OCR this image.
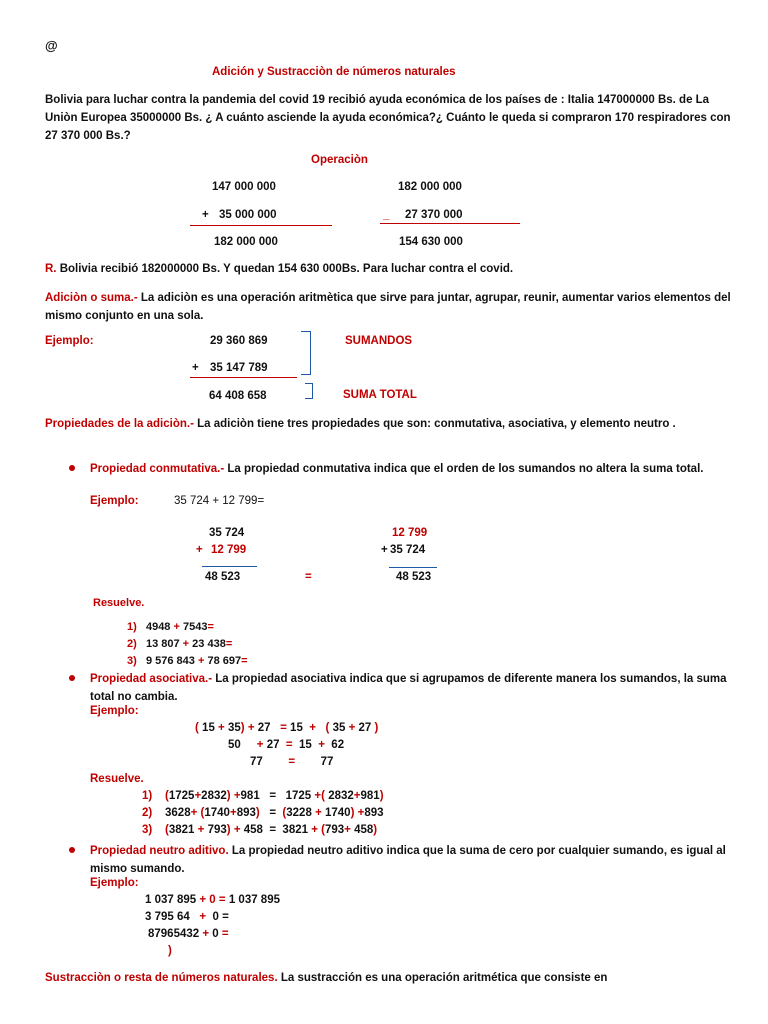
@
Adición y Sustracciòn de números naturales
Bolivia para luchar contra la pandemia del covid 19 recibió ayuda económica de los países de : Italia 147000000 Bs. de La Uniòn Europea 35000000 Bs. ¿ A cuánto asciende la ayuda económica?¿ Cuánto le queda si compraron 170 respiradores con 27 370 000 Bs.?
Operaciòn
147 000 000
+ 35 000 000
182 000 000
182 000 000
_ 27 370 000
154 630 000
R. Bolivia recibió 182000000 Bs. Y quedan 154 630 000Bs. Para luchar contra el covid.
Adiciòn o suma.- La adiciòn es una operación aritmètica que sirve para juntar, agrupar, reunir, aumentar varios elementos del mismo conjunto en una sola.
Ejemplo:	29 360 869
+ 35 147 789
64 408 658
SUMANDOS
SUMA TOTAL
Propiedades de la adiciòn.- La adiciòn tiene tres propiedades que son: conmutativa, asociativa, y elemento neutro .
Propiedad conmutativa.- La propiedad conmutativa indica que el orden de los sumandos no altera la suma total.
Ejemplo:	35 724 + 12 799=
35 724
+ 12 799
48 523	=
12 799
+ 35 724
48 523
Resuelve.
1) 4948 + 7543=
2) 13 807 + 23 438=
3) 9 576 843 + 78 697=
Propiedad asociativa.- La propiedad asociativa indica que si agrupamos de diferente manera los sumandos, la suma total no cambia.
Ejemplo:
( 15 + 35) + 27 = 15 + ( 35 + 27 )
50 + 27 = 15 + 62
77 = 77
Resuelve.
1) (1725+2832) +981 = 1725 +( 2832+981)
2) 3628+ (1740+893) = (3228 + 1740) +893
3) (3821 + 793) + 458 = 3821 + (793+ 458)
Propiedad neutro aditivo. La propiedad neutro aditivo indica que la suma de cero por cualquier sumando, es igual al mismo sumando.
Ejemplo:
1 037 895 + 0 = 1 037 895
3 795 64 + 0 =
87965432 + 0 =
)
Sustracciòn o resta de números naturales. La sustracción es una operación aritmética que consiste en
